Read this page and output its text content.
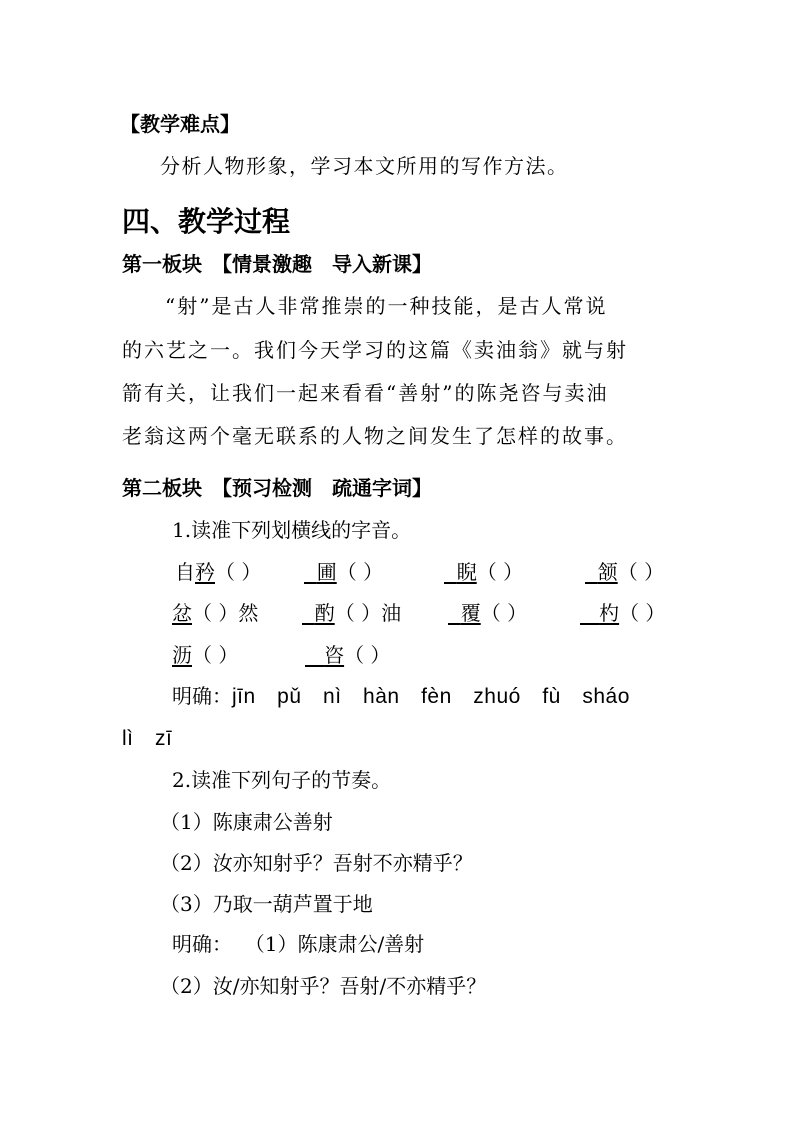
【教学难点】
分析人物形象，学习本文所用的写作方法。
四、教学过程
第一板块　【情景激趣　导入新课】
“射”是古人非常推崇的一种技能，是古人常说
的六艺之一。我们今天学习的这篇《卖油翁》就与射
箭有关，让我们一起来看看“善射”的陈尧咨与卖油
老翁这两个毫无联系的人物之间发生了怎样的故事。
第二板块　【预习检测　疏通字词】
1.读准下列划横线的字音。
自矜（ ）	圃（ ）	睨（ ）	颔（ ）
忿（ ）然	酌（ ）油	覆（ ）	杓（ ）
沥（ ）	咨（ ）
明确：jīn　pǔ　nì　hàn　fèn　zhuó　fù　sháo
lì　zī
2.读准下列句子的节奏。
（1）陈康肃公善射
（2）汝亦知射乎？吾射不亦精乎？
（3）乃取一葫芦置于地
明确： （1）陈康肃公/善射
（2）汝/亦知射乎？吾射/不亦精乎？
